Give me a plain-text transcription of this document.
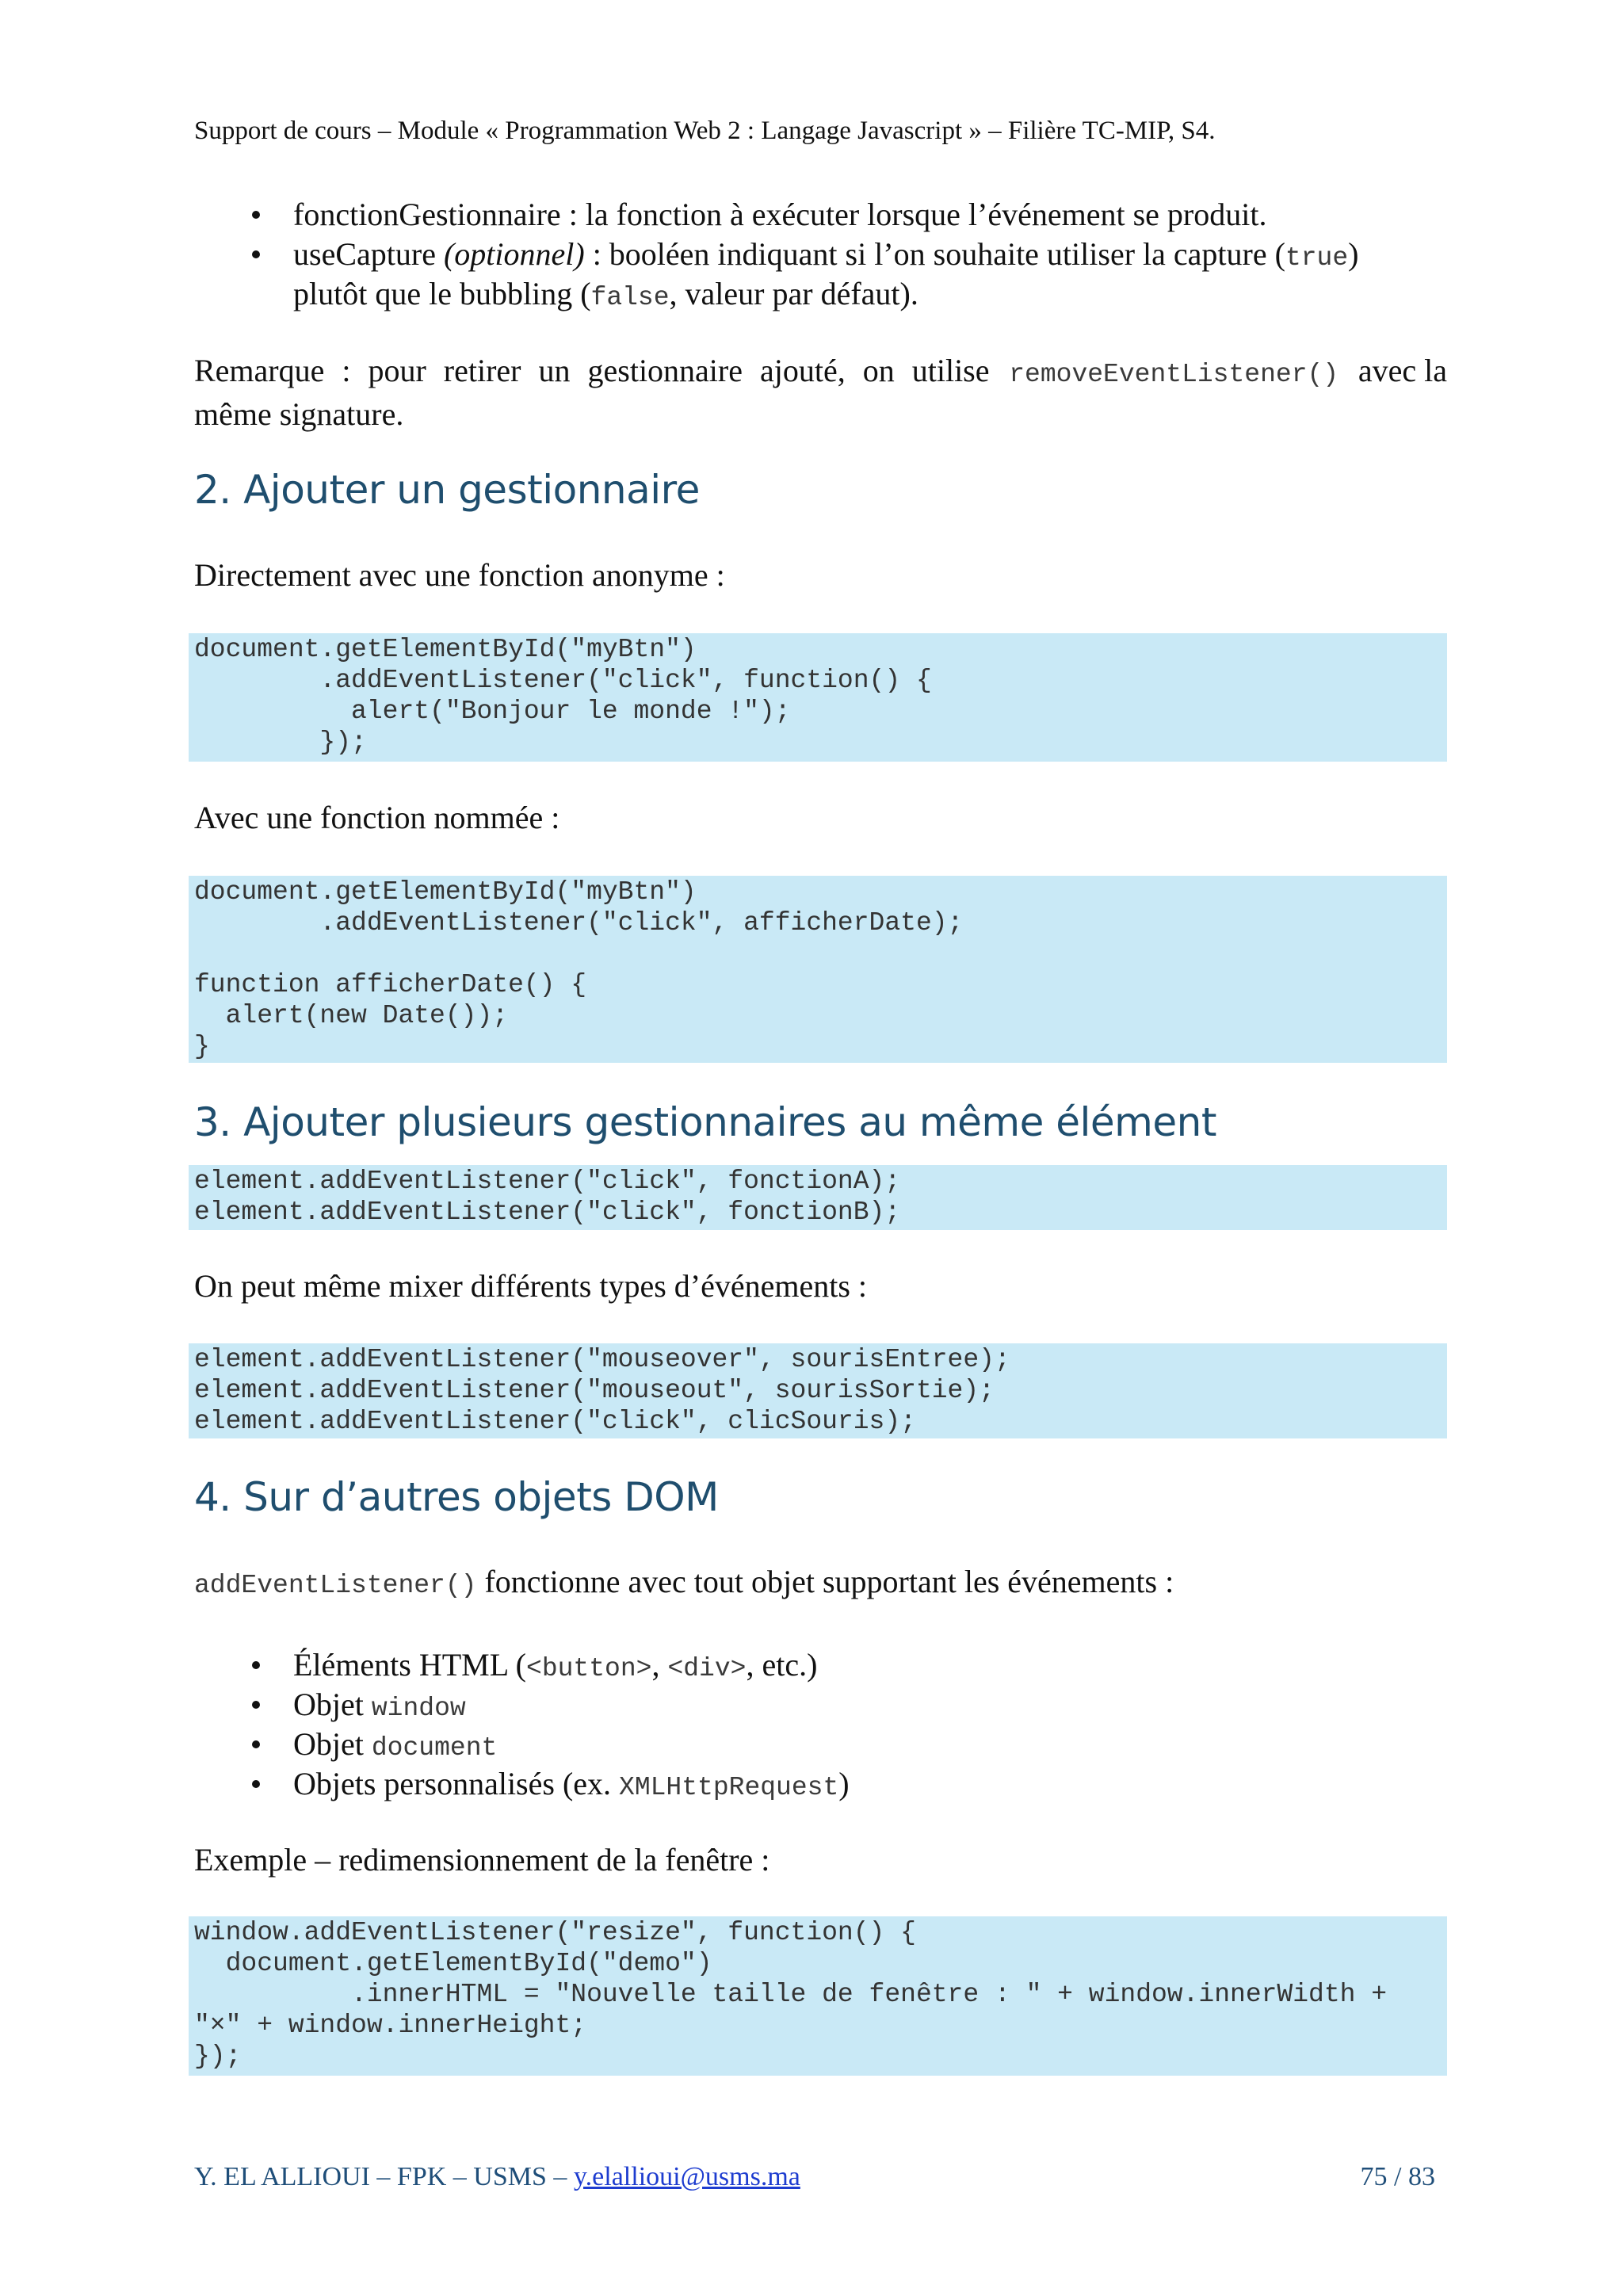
Support de cours – Module « Programmation Web 2 : Langage Javascript » – Filière TC-MIP, S4.
fonctionGestionnaire : la fonction à exécuter lorsque l’événement se produit.
useCapture (optionnel) : booléen indiquant si l’on souhaite utiliser la capture (true)
plutôt que le bubbling (false, valeur par défaut).
Remarque : pour retirer un gestionnaire ajouté, on utilise removeEventListener() avec la
même signature.
2. Ajouter un gestionnaire
Directement avec une fonction anonyme :
document.getElementById("myBtn")
.addEventListener("click", function() {
alert("Bonjour le monde !");
});
Avec une fonction nommée :
document.getElementById("myBtn")
.addEventListener("click", afficherDate);

function afficherDate() {
alert(new Date());
}
3. Ajouter plusieurs gestionnaires au même élément
element.addEventListener("click", fonctionA);
element.addEventListener("click", fonctionB);
On peut même mixer différents types d’événements :
element.addEventListener("mouseover", sourisEntree);
element.addEventListener("mouseout", sourisSortie);
element.addEventListener("click", clicSouris);
4. Sur d’autres objets DOM
addEventListener() fonctionne avec tout objet supportant les événements :
Éléments HTML (<button>, <div>, etc.)
Objet window
Objet document
Objets personnalisés (ex. XMLHttpRequest)
Exemple – redimensionnement de la fenêtre :
window.addEventListener("resize", function() {
document.getElementById("demo")
.innerHTML = "Nouvelle taille de fenêtre : " + window.innerWidth +
"×" + window.innerHeight;
});
Y. EL ALLIOUI – FPK – USMS – y.elallioui@usms.ma	75 / 83
